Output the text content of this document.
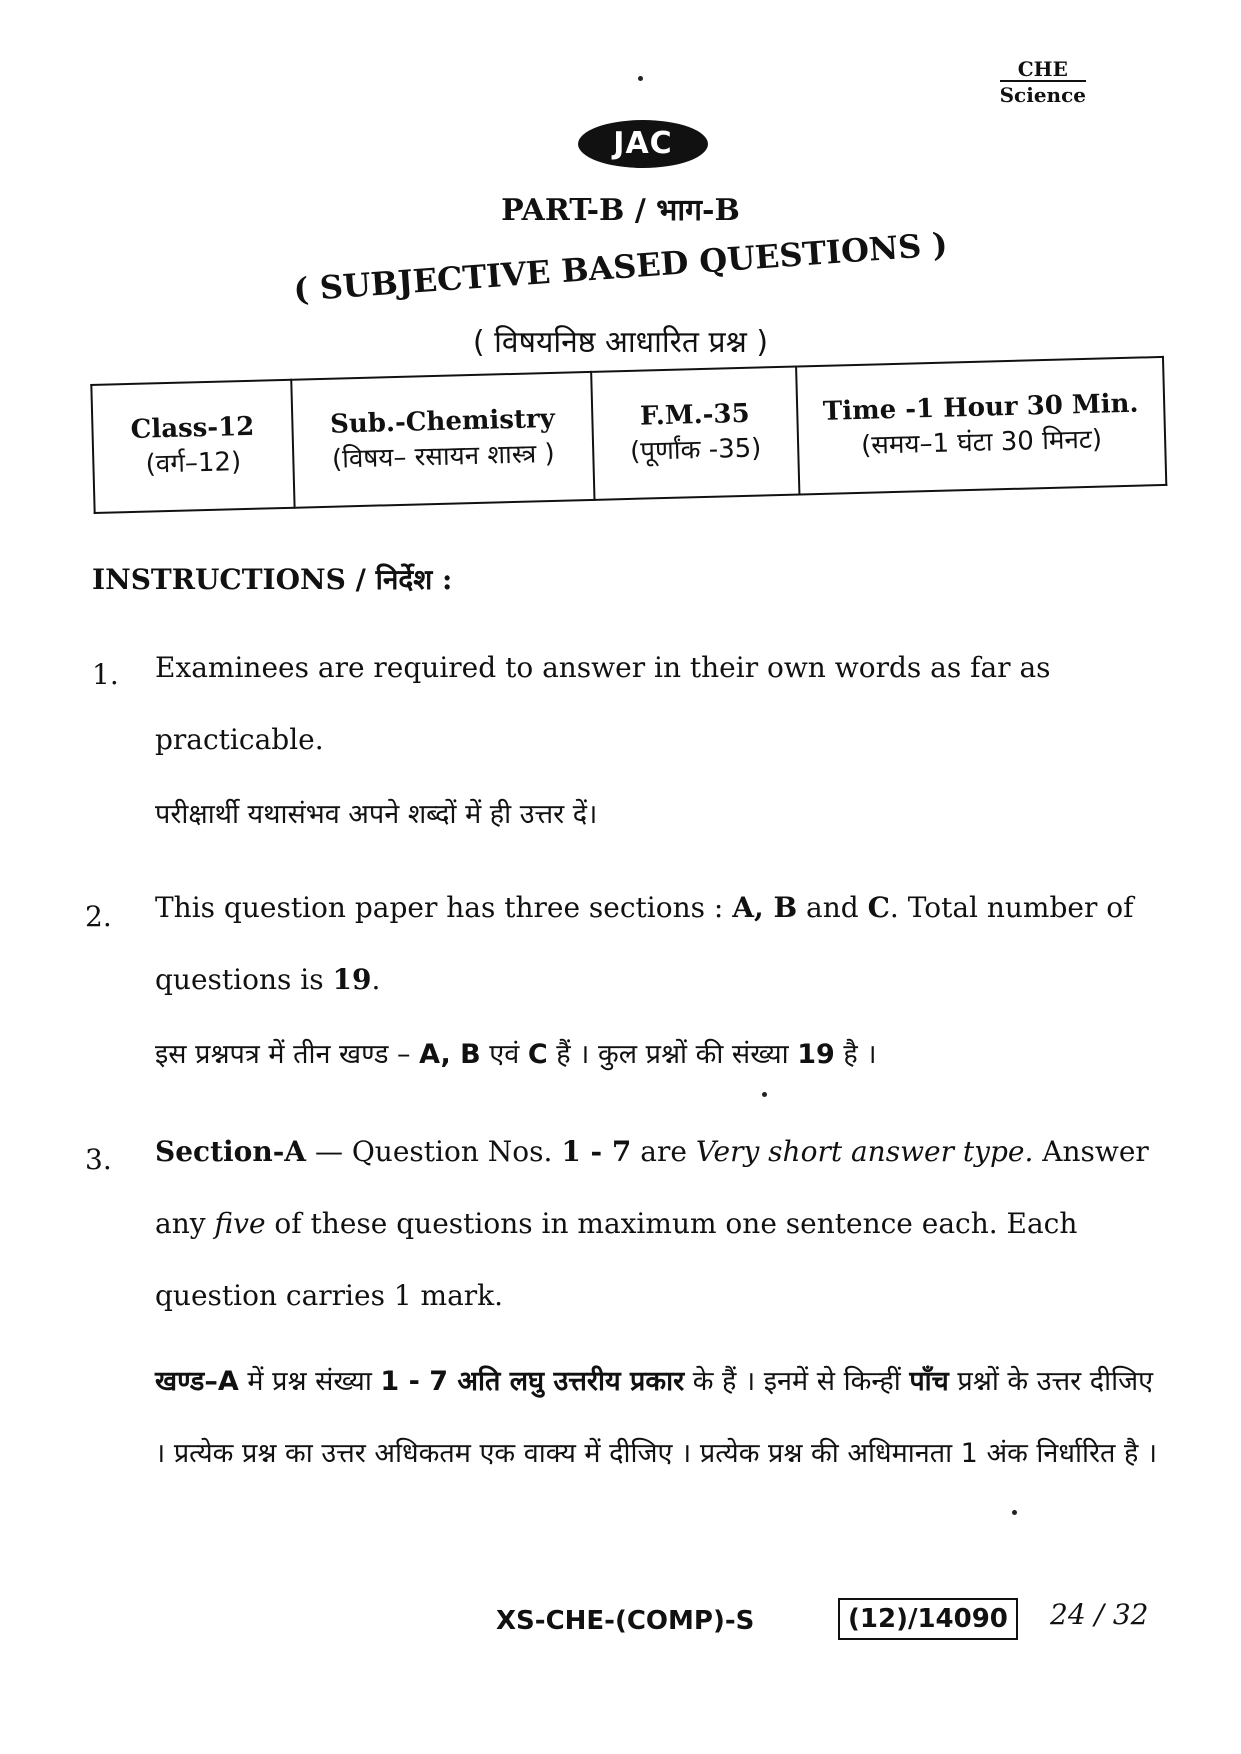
CHE
Science
JAC
PART-B / भाग-B
( SUBJECTIVE BASED QUESTIONS )
( विषयनिष्ठ आधारित प्रश्न )
Class-12
(वर्ग–12)

Sub.-Chemistry
(विषय– रसायन शास्त्र )

F.M.-35
(पूर्णांक -35)

Time -1 Hour 30 Min.
(समय–1 घंटा 30 मिनट)
INSTRUCTIONS / निर्देश :
1. Examinees are required to answer in their own words as far as practicable.
परीक्षार्थी यथासंभव अपने शब्दों में ही उत्तर दें।
2. This question paper has three sections : A, B and C. Total number of questions is 19.
इस प्रश्नपत्र में तीन खण्ड – A, B एवं C हैं । कुल प्रश्नों की संख्या 19 है ।
3. Section-A — Question Nos. 1 - 7 are Very short answer type. Answer any five of these questions in maximum one sentence each. Each question carries 1 mark.
खण्ड–A में प्रश्न संख्या 1 - 7 अति लघु उत्तरीय प्रकार के हैं । इनमें से किन्हीं पाँच प्रश्नों के उत्तर दीजिए । प्रत्येक प्रश्न का उत्तर अधिकतम एक वाक्य में दीजिए । प्रत्येक प्रश्न की अधिमानता 1 अंक निर्धारित है ।
XS-CHE-(COMP)-S	(12)/14090	24 / 32
